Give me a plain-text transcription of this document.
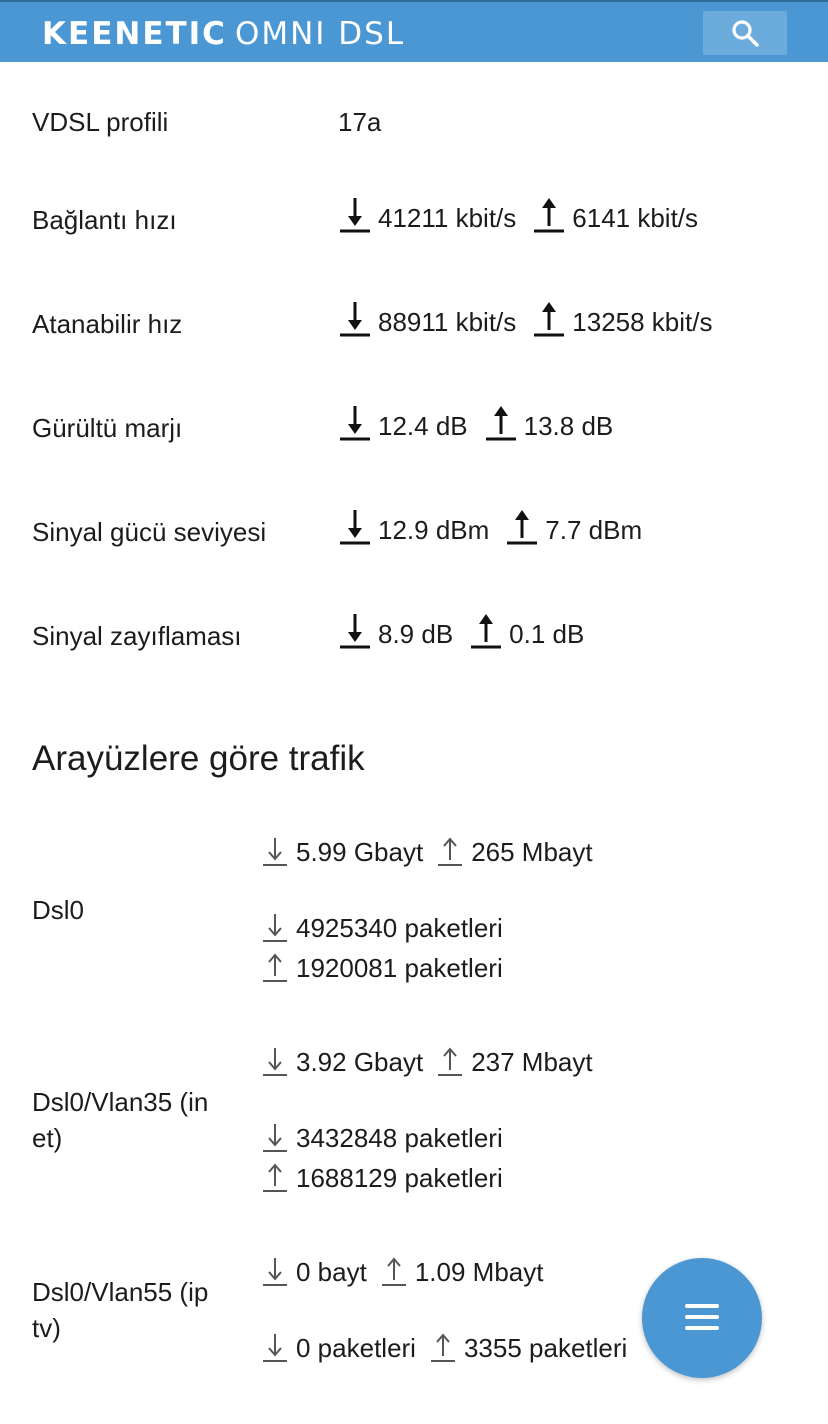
KEENETIC OMNI DSL
VDSL profili	17a
Bağlantı hızı	41211 kbit/s 6141 kbit/s
Atanabilir hız	88911 kbit/s 13258 kbit/s
Gürültü marjı	12.4 dB 13.8 dB
Sinyal gücü seviyesi	12.9 dBm 7.7 dBm
Sinyal zayıflaması	8.9 dB 0.1 dB
Arayüzlere göre trafik
Dsl0
5.99 Gbayt 265 Mbayt
4925340 paketleri
1920081 paketleri
Dsl0/Vlan35 (in
et)
3.92 Gbayt 237 Mbayt
3432848 paketleri
1688129 paketleri
Dsl0/Vlan55 (ip
tv)
0 bayt 1.09 Mbayt
0 paketleri 3355 paketleri
